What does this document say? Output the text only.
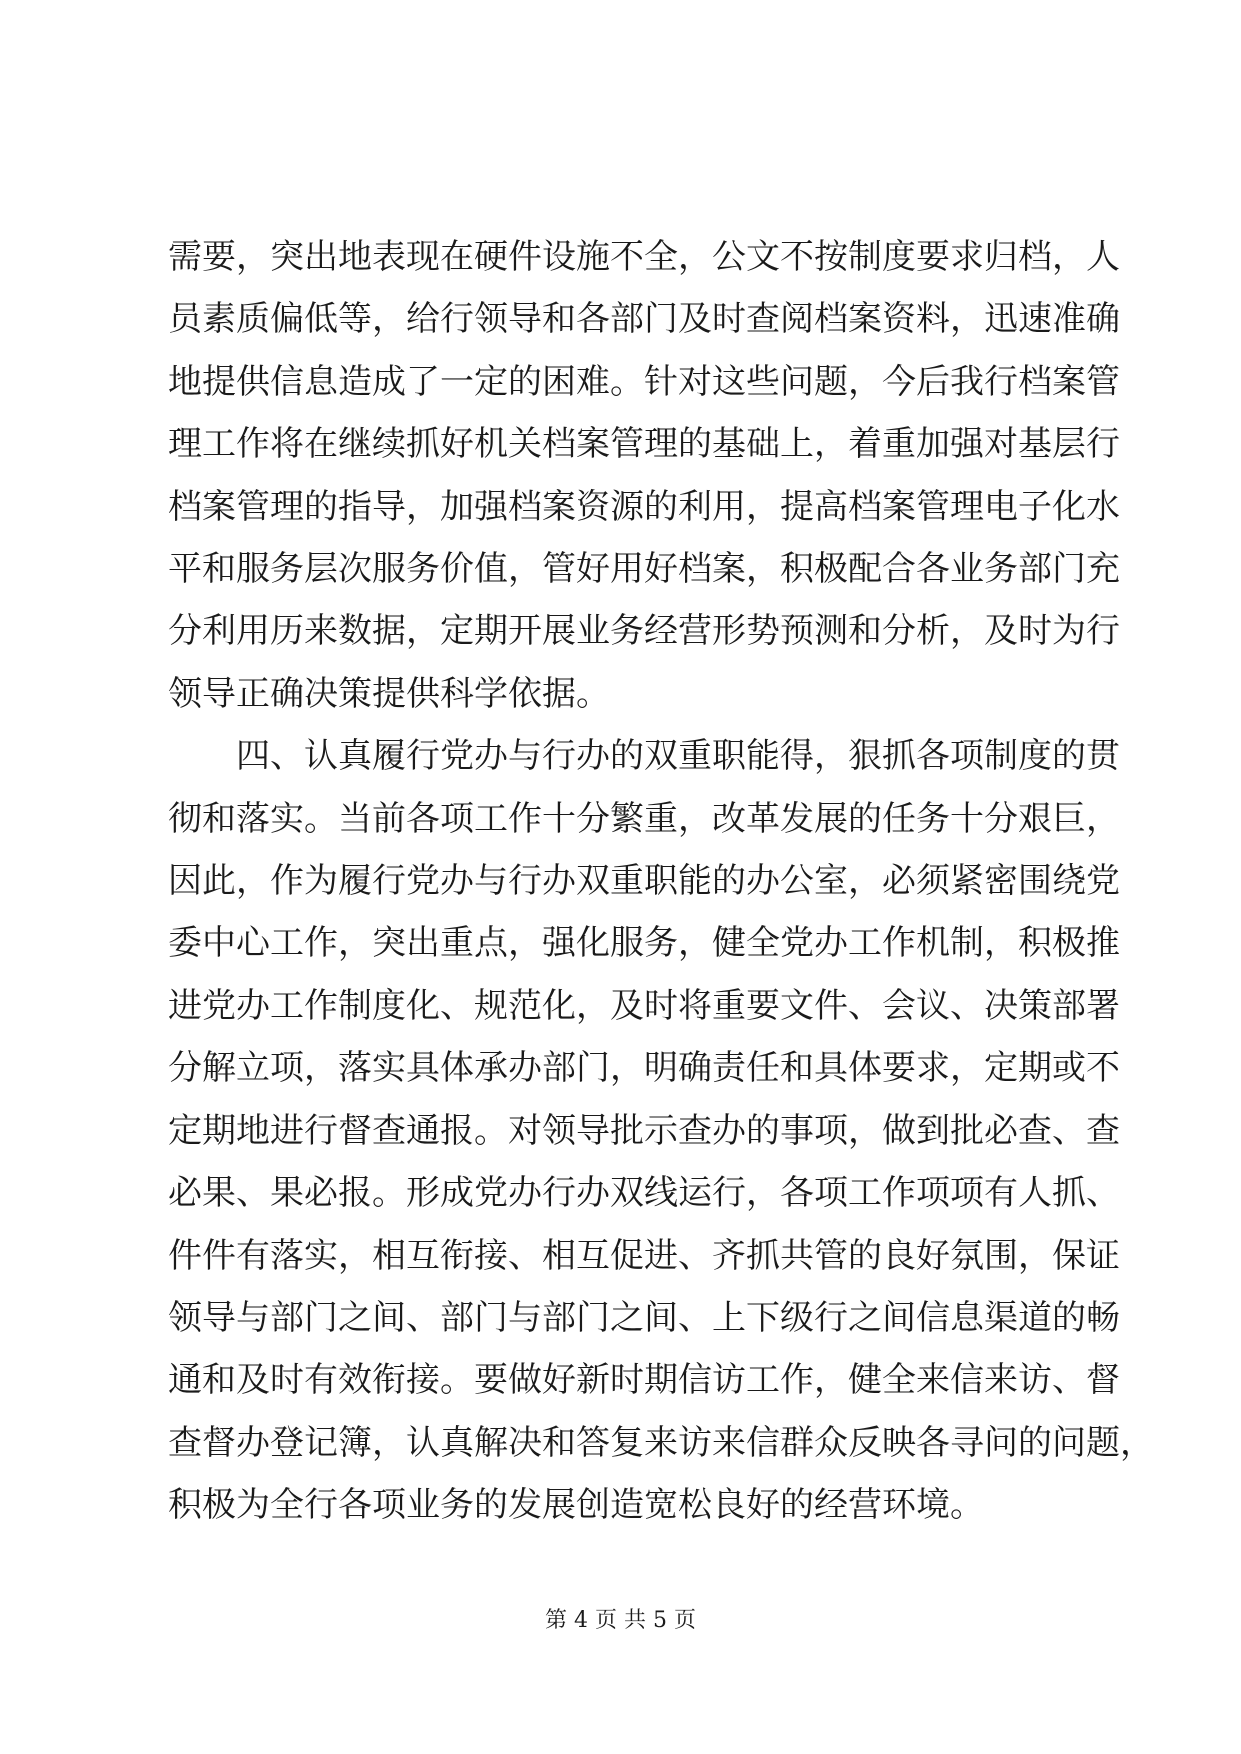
需要，突出地表现在硬件设施不全，公文不按制度要求归档，人
员素质偏低等，给行领导和各部门及时查阅档案资料，迅速准确
地提供信息造成了一定的困难。针对这些问题，今后我行档案管
理工作将在继续抓好机关档案管理的基础上，着重加强对基层行
档案管理的指导，加强档案资源的利用，提高档案管理电子化水
平和服务层次服务价值，管好用好档案，积极配合各业务部门充
分利用历来数据，定期开展业务经营形势预测和分析，及时为行
领导正确决策提供科学依据。
四、认真履行党办与行办的双重职能得，狠抓各项制度的贯
彻和落实。当前各项工作十分繁重，改革发展的任务十分艰巨，
因此，作为履行党办与行办双重职能的办公室，必须紧密围绕党
委中心工作，突出重点，强化服务，健全党办工作机制，积极推
进党办工作制度化、规范化，及时将重要文件、会议、决策部署
分解立项，落实具体承办部门，明确责任和具体要求，定期或不
定期地进行督查通报。对领导批示查办的事项，做到批必查、查
必果、果必报。形成党办行办双线运行，各项工作项项有人抓、
件件有落实，相互衔接、相互促进、齐抓共管的良好氛围，保证
领导与部门之间、部门与部门之间、上下级行之间信息渠道的畅
通和及时有效衔接。要做好新时期信访工作，健全来信来访、督
查督办登记簿，认真解决和答复来访来信群众反映各寻问的问题，
积极为全行各项业务的发展创造宽松良好的经营环境。
第 4 页 共 5 页
